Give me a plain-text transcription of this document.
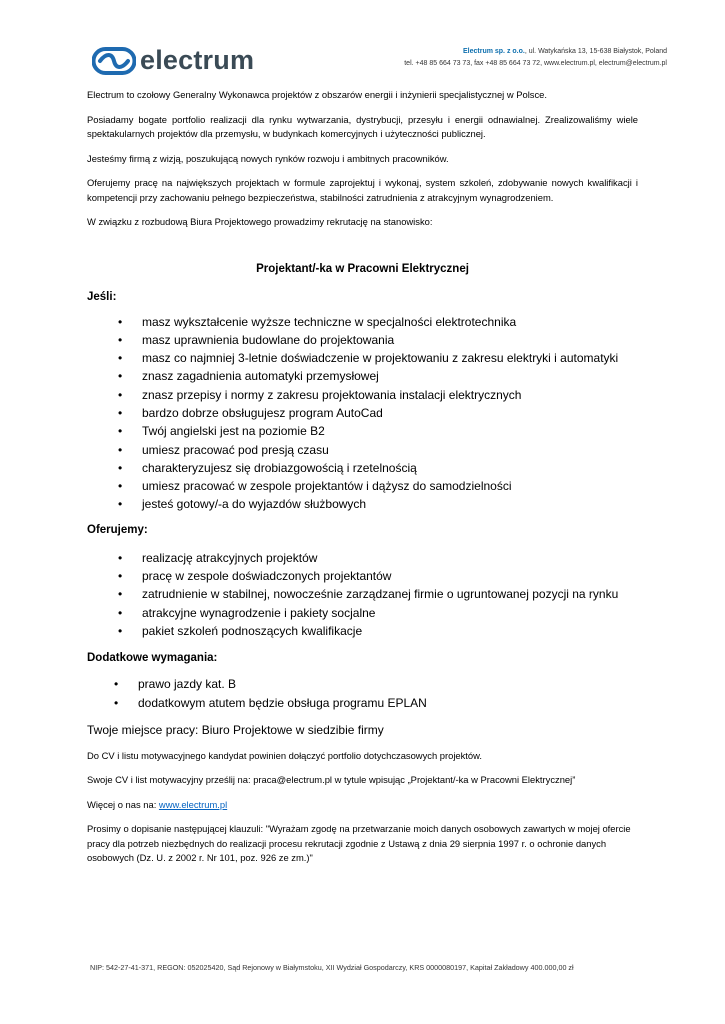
electrum	Electrum sp. z o.o., ul. Watykańska 13, 15-638 Białystok, Poland
tel. +48 85 664 73 73, fax +48 85 664 73 72, www.electrum.pl, electrum@electrum.pl

Electrum to czołowy Generalny Wykonawca projektów z obszarów energii i inżynierii specjalistycznej w Polsce.

Posiadamy bogate portfolio realizacji dla rynku wytwarzania, dystrybucji, przesyłu i energii odnawialnej. Zrealizowaliśmy wiele spektakularnych projektów dla przemysłu, w budynkach komercyjnych i użyteczności publicznej.

Jesteśmy firmą z wizją, poszukującą nowych rynków rozwoju i ambitnych pracowników.

Oferujemy pracę na największych projektach w formule zaprojektuj i wykonaj, system szkoleń, zdobywanie nowych kwalifikacji i kompetencji przy zachowaniu pełnego bezpieczeństwa, stabilności zatrudnienia z atrakcyjnym wynagrodzeniem.

W związku z rozbudową Biura Projektowego prowadzimy rekrutację na stanowisko:

Projektant/-ka w Pracowni Elektrycznej
Jeśli:
• masz wykształcenie wyższe techniczne w specjalności elektrotechnika
• masz uprawnienia budowlane do projektowania
• masz co najmniej 3-letnie doświadczenie w projektowaniu z zakresu elektryki i automatyki
• znasz zagadnienia automatyki przemysłowej
• znasz przepisy i normy z zakresu projektowania instalacji elektrycznych
• bardzo dobrze obsługujesz program AutoCad
• Twój angielski jest na poziomie B2
• umiesz pracować pod presją czasu
• charakteryzujesz się drobiazgowością i rzetelnością
• umiesz pracować w zespole projektantów i dążysz do samodzielności
• jesteś gotowy/-a do wyjazdów służbowych
Oferujemy:
• realizację atrakcyjnych projektów
• pracę w zespole doświadczonych projektantów
• zatrudnienie w stabilnej, nowocześnie zarządzanej firmie o ugruntowanej pozycji na rynku
• atrakcyjne wynagrodzenie i pakiety socjalne
• pakiet szkoleń podnoszących kwalifikacje
Dodatkowe wymagania:
• prawo jazdy kat. B
• dodatkowym atutem będzie obsługa programu EPLAN

Twoje miejsce pracy: Biuro Projektowe w siedzibie firmy

Do CV i listu motywacyjnego kandydat powinien dołączyć portfolio dotychczasowych projektów.

Swoje CV i list motywacyjny prześlij na: praca@electrum.pl w tytule wpisując „Projektant/-ka w Pracowni Elektrycznej”

Więcej o nas na: www.electrum.pl

Prosimy o dopisanie następującej klauzuli: "Wyrażam zgodę na przetwarzanie moich danych osobowych zawartych w mojej ofercie pracy dla potrzeb niezbędnych do realizacji procesu rekrutacji zgodnie z Ustawą z dnia 29 sierpnia 1997 r. o ochronie danych osobowych (Dz. U. z 2002 r. Nr 101, poz. 926 ze zm.)"

NIP: 542-27-41-371, REGON: 052025420, Sąd Rejonowy w Białymstoku, XII Wydział Gospodarczy, KRS 0000080197, Kapitał Zakładowy 400.000,00 zł
